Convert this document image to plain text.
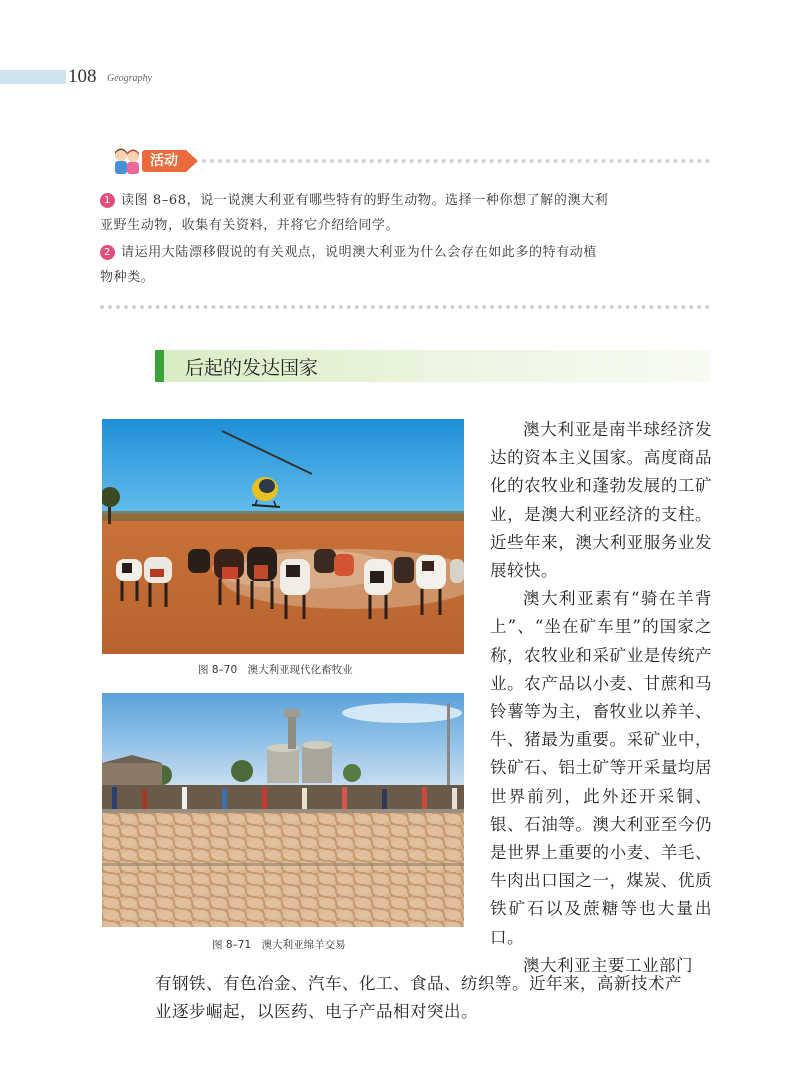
108 Geography
活动
1 读图 8–68，说一说澳大利亚有哪些特有的野生动物。选择一种你想了解的澳大利
亚野生动物，收集有关资料，并将它介绍给同学。
2 请运用大陆漂移假说的有关观点，说明澳大利亚为什么会存在如此多的特有动植
物种类。
后起的发达国家
图 8–70　澳大利亚现代化畜牧业
图 8–71　澳大利亚绵羊交易

澳大利亚是南半球经济发达的资本主义国家。高度商品化的农牧业和蓬勃发展的工矿业，是澳大利亚经济的支柱。近些年来，澳大利亚服务业发展较快。

澳大利亚素有“骑在羊背上”、“坐在矿车里”的国家之称，农牧业和采矿业是传统产业。农产品以小麦、甘蔗和马铃薯等为主，畜牧业以养羊、牛、猪最为重要。采矿业中，铁矿石、铝土矿等开采量均居世界前列，此外还开采铜、银、石油等。澳大利亚至今仍是世界上重要的小麦、羊毛、牛肉出口国之一，煤炭、优质铁矿石以及蔗糖等也大量出口。

澳大利亚主要工业部门

有钢铁、有色冶金、汽车、化工、食品、纺织等。近年来，高新技术产
业逐步崛起，以医药、电子产品相对突出。
